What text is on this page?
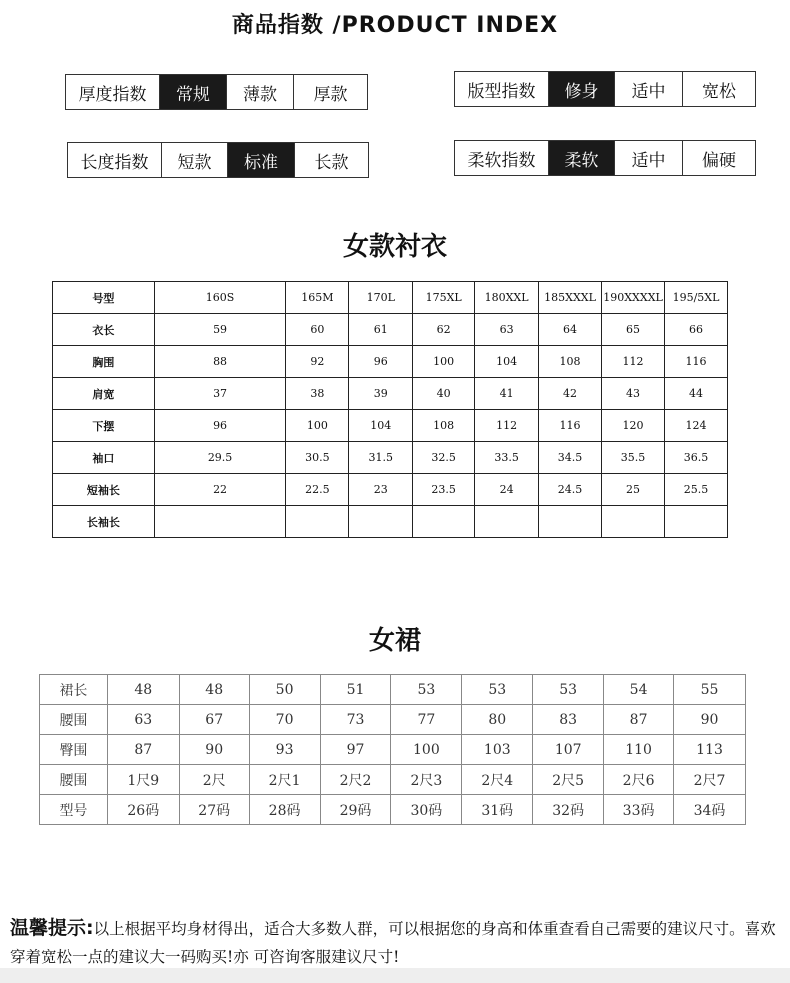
商品指数 /PRODUCT INDEX
厚度指数	常规	薄款	厚款	版型指数	修身	适中	宽松
长度指数	短款	标准	长款	柔软指数	柔软	适中	偏硬
女款衬衣
号型	160S	165M	170L	175XL	180XXL	185XXXL	190XXXXL	195/5XL
衣长	59	60	61	62	63	64	65	66
胸围	88	92	96	100	104	108	112	116
肩宽	37	38	39	40	41	42	43	44
下摆	96	100	104	108	112	116	120	124
袖口	29.5	30.5	31.5	32.5	33.5	34.5	35.5	36.5
短袖长	22	22.5	23	23.5	24	24.5	25	25.5
长袖长								
女裙
裙长	48	48	50	51	53	53	53	54	55
腰围	63	67	70	73	77	80	83	87	90
臀围	87	90	93	97	100	103	107	110	113
腰围	1尺9	2尺	2尺1	2尺2	2尺3	2尺4	2尺5	2尺6	2尺7
型号	26码	27码	28码	29码	30码	31码	32码	33码	34码
温馨提示:以上根据平均身材得出，适合大多数人群，可以根据您的身高和体重查看自己需要的建议尺寸。喜欢穿着宽松一点的建议大一码购买!亦 可咨询客服建议尺寸!
